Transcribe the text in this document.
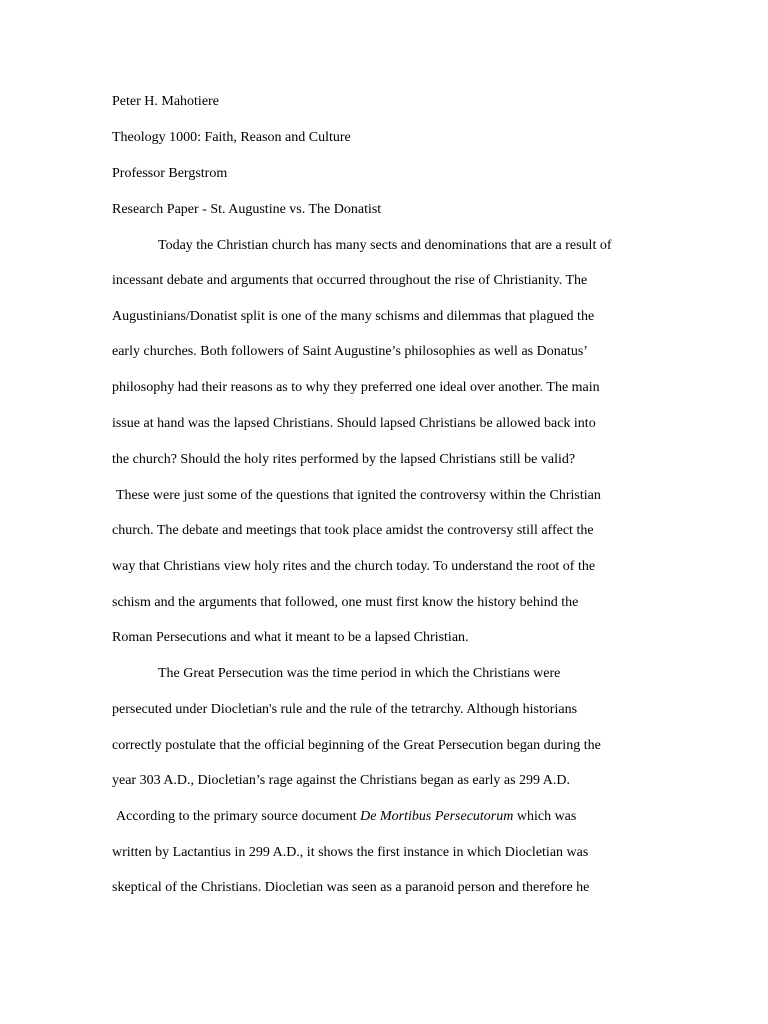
Peter H. Mahotiere
Theology 1000: Faith, Reason and Culture
Professor Bergstrom
Research Paper - St. Augustine vs. The Donatist
Today the Christian church has many sects and denominations that are a result of
incessant debate and arguments that occurred throughout the rise of Christianity. The
Augustinians/Donatist split is one of the many schisms and dilemmas that plagued the
early churches. Both followers of Saint Augustine’s philosophies as well as Donatus’
philosophy had their reasons as to why they preferred one ideal over another. The main
issue at hand was the lapsed Christians. Should lapsed Christians be allowed back into
the church? Should the holy rites performed by the lapsed Christians still be valid?
These were just some of the questions that ignited the controversy within the Christian
church. The debate and meetings that took place amidst the controversy still affect the
way that Christians view holy rites and the church today. To understand the root of the
schism and the arguments that followed, one must first know the history behind the
Roman Persecutions and what it meant to be a lapsed Christian.
The Great Persecution was the time period in which the Christians were
persecuted under Diocletian's rule and the rule of the tetrarchy. Although historians
correctly postulate that the official beginning of the Great Persecution began during the
year 303 A.D., Diocletian’s rage against the Christians began as early as 299 A.D.
According to the primary source document De Mortibus Persecutorum which was
written by Lactantius in 299 A.D., it shows the first instance in which Diocletian was
skeptical of the Christians. Diocletian was seen as a paranoid person and therefore he
